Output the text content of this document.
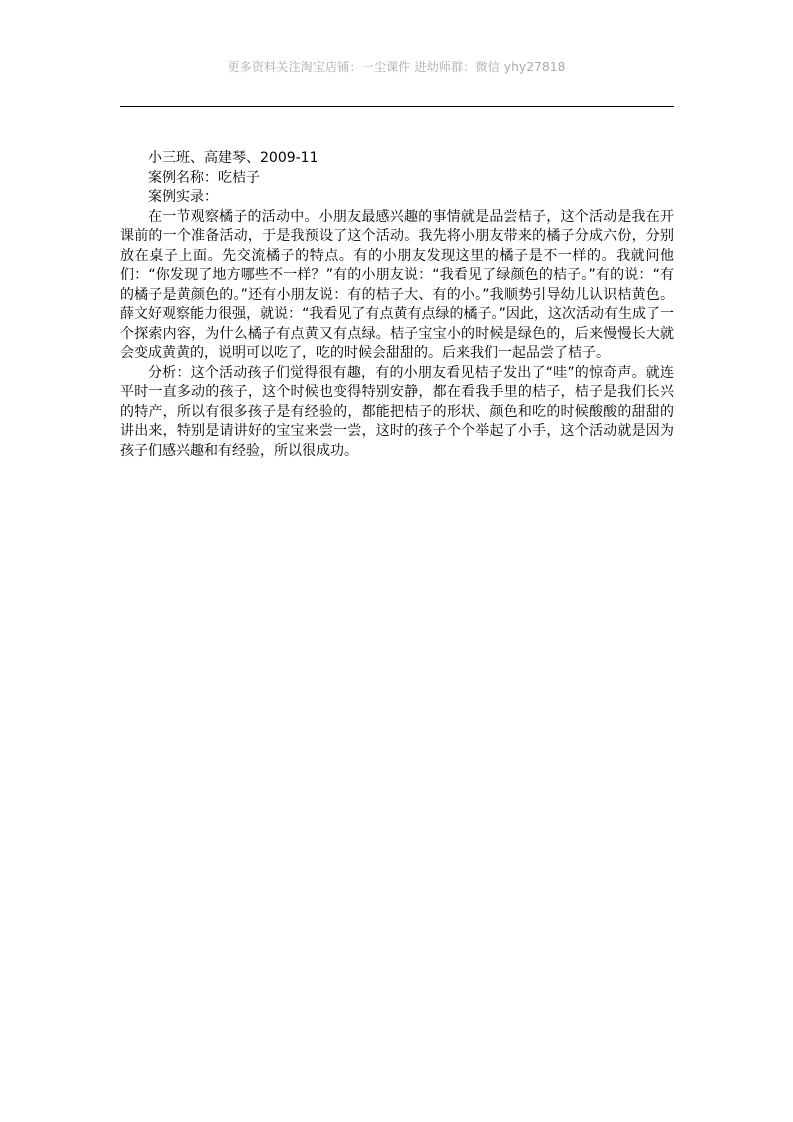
更多资料关注淘宝店铺：一尘课件 进幼师群：微信 yhy27818

小三班、高建琴、2009-11

案例名称：吃桔子

案例实录：

在一节观察橘子的活动中。小朋友最感兴趣的事情就是品尝桔子，这个活动是我在开课前的一个准备活动，于是我预设了这个活动。我先将小朋友带来的橘子分成六份，分别放在桌子上面。先交流橘子的特点。有的小朋友发现这里的橘子是不一样的。我就问他们：“你发现了地方哪些不一样？”有的小朋友说：“我看见了绿颜色的桔子。”有的说：“有的橘子是黄颜色的。”还有小朋友说：有的桔子大、有的小。”我顺势引导幼儿认识桔黄色。薛文好观察能力很强，就说：“我看见了有点黄有点绿的橘子。”因此，这次活动有生成了一个探索内容，为什么橘子有点黄又有点绿。桔子宝宝小的时候是绿色的，后来慢慢长大就会变成黄黄的，说明可以吃了，吃的时候会甜甜的。后来我们一起品尝了桔子。

分析：这个活动孩子们觉得很有趣，有的小朋友看见桔子发出了“哇”的惊奇声。就连平时一直多动的孩子，这个时候也变得特别安静，都在看我手里的桔子，桔子是我们长兴的特产，所以有很多孩子是有经验的，都能把桔子的形状、颜色和吃的时候酸酸的甜甜的讲出来，特别是请讲好的宝宝来尝一尝，这时的孩子个个举起了小手，这个活动就是因为孩子们感兴趣和有经验，所以很成功。
